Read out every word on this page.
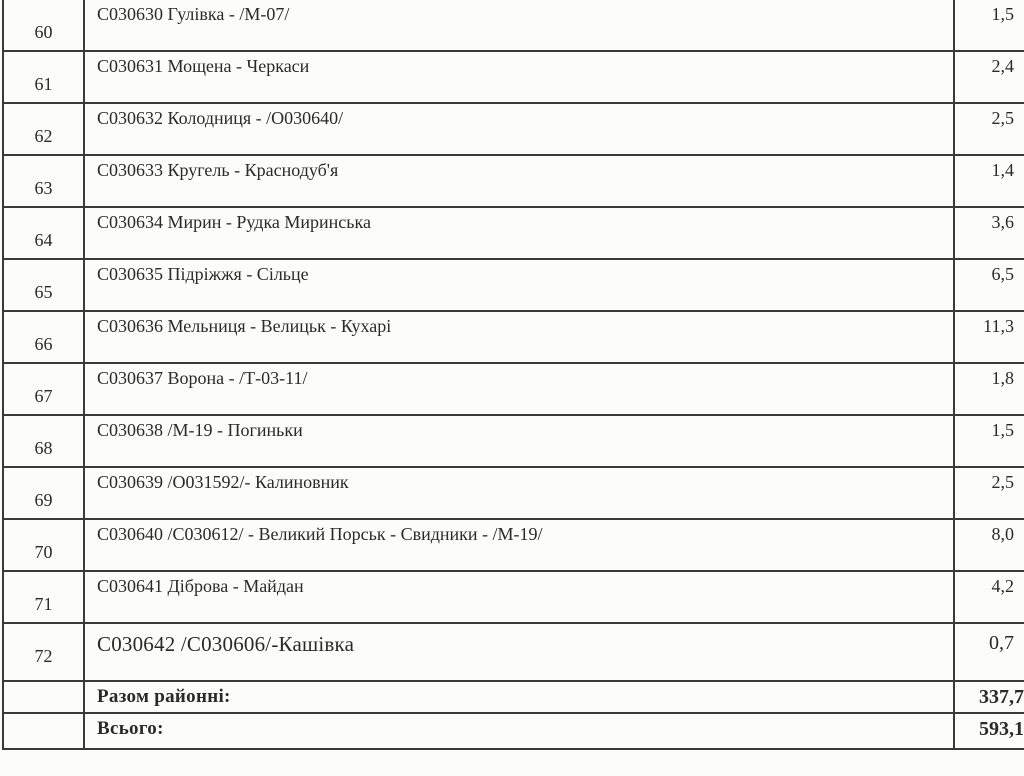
60	С030630 Гулівка - /М-07/	1,5

61	С030631 Мощена - Черкаси	2,4

62	С030632 Колодниця - /О030640/	2,5

63	С030633 Кругель - Краснодуб'я	1,4

64	С030634 Мирин - Рудка Миринська	3,6

65	С030635 Підріжжя - Сільце	6,5

66	С030636 Мельниця - Велицьк - Кухарі	11,3

67	С030637 Ворона - /Т-03-11/	1,8

68	С030638 /М-19 - Погиньки	1,5

69	С030639 /О031592/- Калиновник	2,5

70	С030640 /С030612/ - Великий Порськ - Свидники - /М-19/	8,0

71	С030641 Діброва - Майдан	4,2

72	С030642 /С030606/-Кашівка	0,7

	Разом районні:	337,7

	Всього:	593,1
